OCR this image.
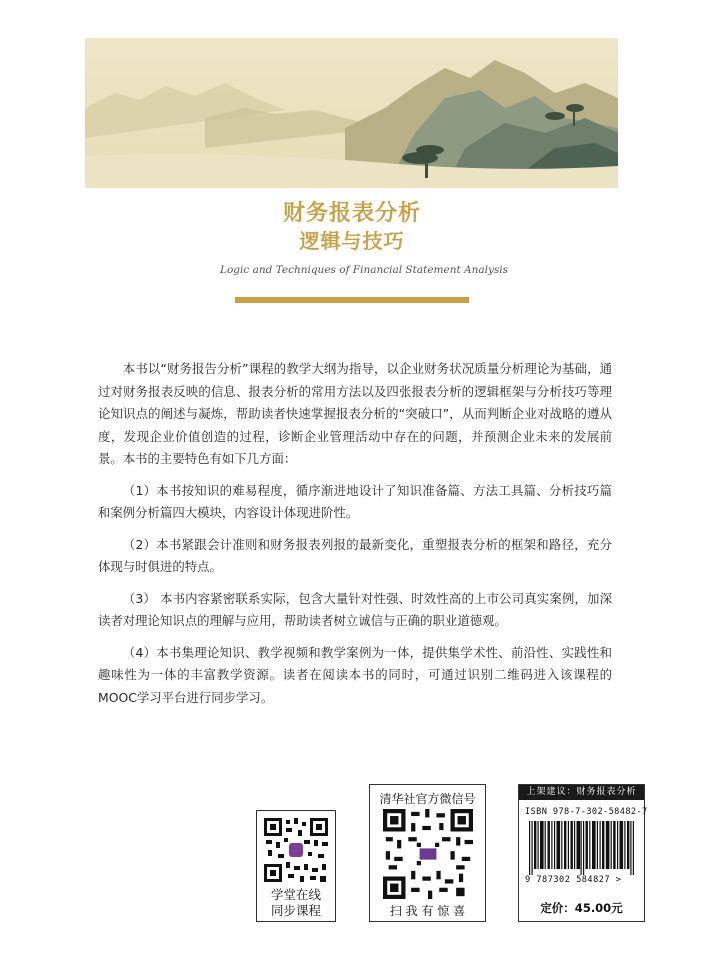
财务报表分析
逻辑与技巧
Logic and Techniques of Financial Statement Analysis

本书以“财务报告分析”课程的教学大纲为指导，以企业财务状况质量分析理论为基础，通过对财务报表反映的信息、报表分析的常用方法以及四张报表分析的逻辑框架与分析技巧等理论知识点的阐述与凝炼，帮助读者快速掌握报表分析的“突破口”，从而判断企业对战略的遵从度，发现企业价值创造的过程，诊断企业管理活动中存在的问题，并预测企业未来的发展前景。本书的主要特色有如下几方面：

（1）本书按知识的难易程度，循序渐进地设计了知识准备篇、方法工具篇、分析技巧篇和案例分析篇四大模块，内容设计体现进阶性。

（2）本书紧跟会计准则和财务报表列报的最新变化，重塑报表分析的框架和路径，充分体现与时俱进的特点。

（3） 本书内容紧密联系实际，包含大量针对性强、时效性高的上市公司真实案例，加深读者对理论知识点的理解与应用，帮助读者树立诚信与正确的职业道德观。

（4）本书集理论知识、教学视频和教学案例为一体，提供集学术性、前沿性、实践性和趣味性为一体的丰富教学资源。读者在阅读本书的同时，可通过识别二维码进入该课程的MOOC学习平台进行同步学习。

学堂在线
同步课程
清华社官方微信号
扫 我 有 惊 喜
上架建议：财务报表分析
ISBN 978-7-302-58482-7
9 787302 584827 >
定价：45.00元
